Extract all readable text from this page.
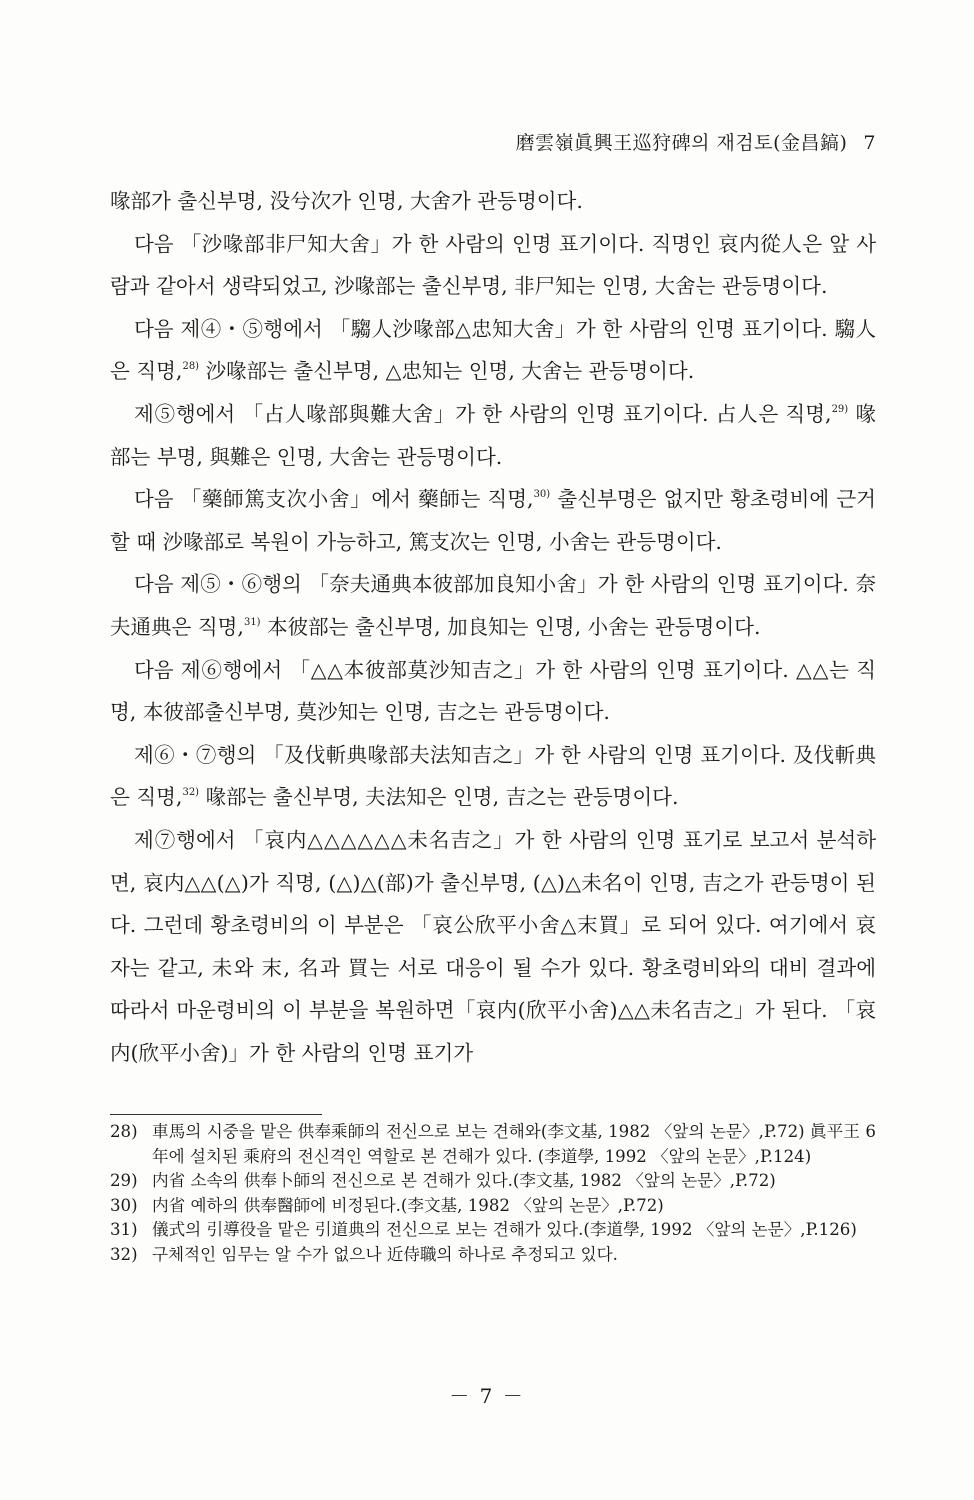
磨雲嶺眞興王巡狩碑의 재검토(金昌鎬) 7

喙部가 출신부명, 没兮次가 인명, 大舍가 관등명이다.

다음 「沙喙部非尸知大舍」가 한 사람의 인명 표기이다. 직명인 哀内從人은 앞 사람과 같아서 생략되었고, 沙喙部는 출신부명, 非尸知는 인명, 大舍는 관등명이다.

다음 제④・⑤행에서 「騶人沙喙部△忠知大舍」가 한 사람의 인명 표기이다. 騶人은 직명,$^{28)}$ 沙喙部는 출신부명, △忠知는 인명, 大舍는 관등명이다.

제⑤행에서 「占人喙部與難大舍」가 한 사람의 인명 표기이다. 占人은 직명,$^{29)}$ 喙部는 부명, 與難은 인명, 大舍는 관등명이다.

다음 「藥師篤支次小舍」에서 藥師는 직명,$^{30)}$ 출신부명은 없지만 황초령비에 근거할 때 沙喙部로 복원이 가능하고, 篤支次는 인명, 小舍는 관등명이다.

다음 제⑤・⑥행의 「奈夫通典本彼部加良知小舍」가 한 사람의 인명 표기이다. 奈夫通典은 직명,$^{31)}$ 本彼部는 출신부명, 加良知는 인명, 小舍는 관등명이다.

다음 제⑥행에서 「△△本彼部莫沙知吉之」가 한 사람의 인명 표기이다. △△는 직명, 本彼部출신부명, 莫沙知는 인명, 吉之는 관등명이다.

제⑥・⑦행의 「及伐斬典喙部夫法知吉之」가 한 사람의 인명 표기이다. 及伐斬典은 직명,$^{32)}$ 喙部는 출신부명, 夫法知은 인명, 吉之는 관등명이다.

제⑦행에서 「哀内△△△△△△未名吉之」가 한 사람의 인명 표기로 보고서 분석하면, 哀内△△(△)가 직명, (△)△(部)가 출신부명, (△)△未名이 인명, 吉之가 관등명이 된다. 그런데 황초령비의 이 부분은 「哀公欣平小舍△末買」로 되어 있다. 여기에서 哀자는 같고, 未와 末, 名과 買는 서로 대응이 될 수가 있다. 황초령비와의 대비 결과에 따라서 마운령비의 이 부분을 복원하면「哀内(欣平小舍)△△未名吉之」가 된다. 「哀内(欣平小舍)」가 한 사람의 인명 표기가

28) 車馬의 시중을 맡은 供奉乘師의 전신으로 보는 견해와(李文基, 1982 〈앞의 논문〉,P.72) 眞平王 6年에 설치된 乘府의 전신격인 역할로 본 견해가 있다. (李道學, 1992 〈앞의 논문〉,P.124)
29) 内省 소속의 供奉卜師의 전신으로 본 견해가 있다.(李文基, 1982 〈앞의 논문〉,P.72)
30) 内省 예하의 供奉醫師에 비정된다.(李文基, 1982 〈앞의 논문〉,P.72)
31) 儀式의 引導役을 맡은 引道典의 전신으로 보는 견해가 있다.(李道學, 1992 〈앞의 논문〉,P.126)
32) 구체적인 임무는 알 수가 없으나 近侍職의 하나로 추정되고 있다.
－ 7 －
